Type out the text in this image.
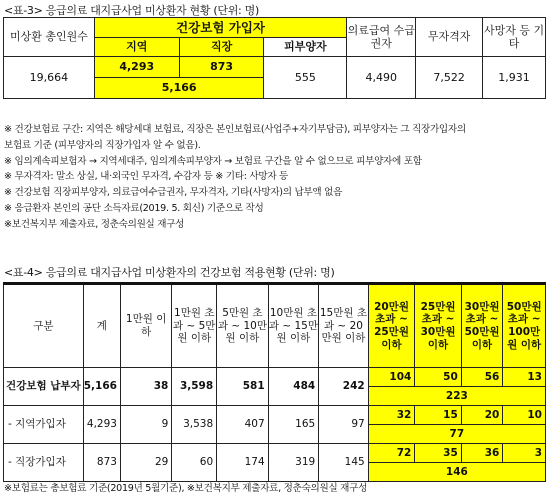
<표-3> 응급의료 대지급사업 미상환자 현황 (단위: 명)
미상환 총인원수	건강보험 가입자			의료급여 수급권자	무자격자	사망자 등 기타
	지역	직장	피부양자			
19,664	4,293	873	555	4,490	7,522	1,931
	5,166					
※ 건강보험료 구간: 지역은 해당세대 보험료, 직장은 본인보험료(사업주+자기부담금), 피부양자는 그 직장가입자의
보험료 기준 (피부양자의 직장가입자 알 수 없음).
※ 임의계속피보험자 → 지역세대주, 임의계속피부양자 → 보험료 구간을 알 수 없으므로 피부양자에 포함
※ 무자격자: 말소 상실, 내·외국인 무자격, 수감자 등 ※ 기타: 사망자 등
※ 건강보험 직장피부양자, 의료급여수급권자, 무자격자, 기타(사망자)의 납부액 없음
※ 응급환자 본인의 공단 소득자료(2019. 5. 회신) 기준으로 작성
※보건복지부 제출자료, 정춘숙의원실 재구성
<표-4> 응급의료 대지급사업 미상환자의 건강보험 적용현황 (단위: 명)
구분	계	1만원 이하	1만원 초과 ~ 5만원 이하	5만원 초과 ~ 10만원 이하	10만원 초과 ~ 15만원 이하	15만원 초과 ~ 20만원 이하	20만원 초과 ~ 25만원 이하	25만원 초과 ~ 30만원 이하	30만원 초과 ~ 50만원 이하	50만원 초과 ~ 100만원 이하
건강보험 납부자	5,166	38	3,598	581	484	242	104	50	56	13
							223			
- 지역가입자	4,293	9	3,538	407	165	97	32	15	20	10
							77			
- 직장가입자	873	29	60	174	319	145	72	35	36	3
							146			
※보험료는 총보험료 기준(2019년 5월기준), ※보건복지부 제출자료, 정춘숙의원실 재구성
